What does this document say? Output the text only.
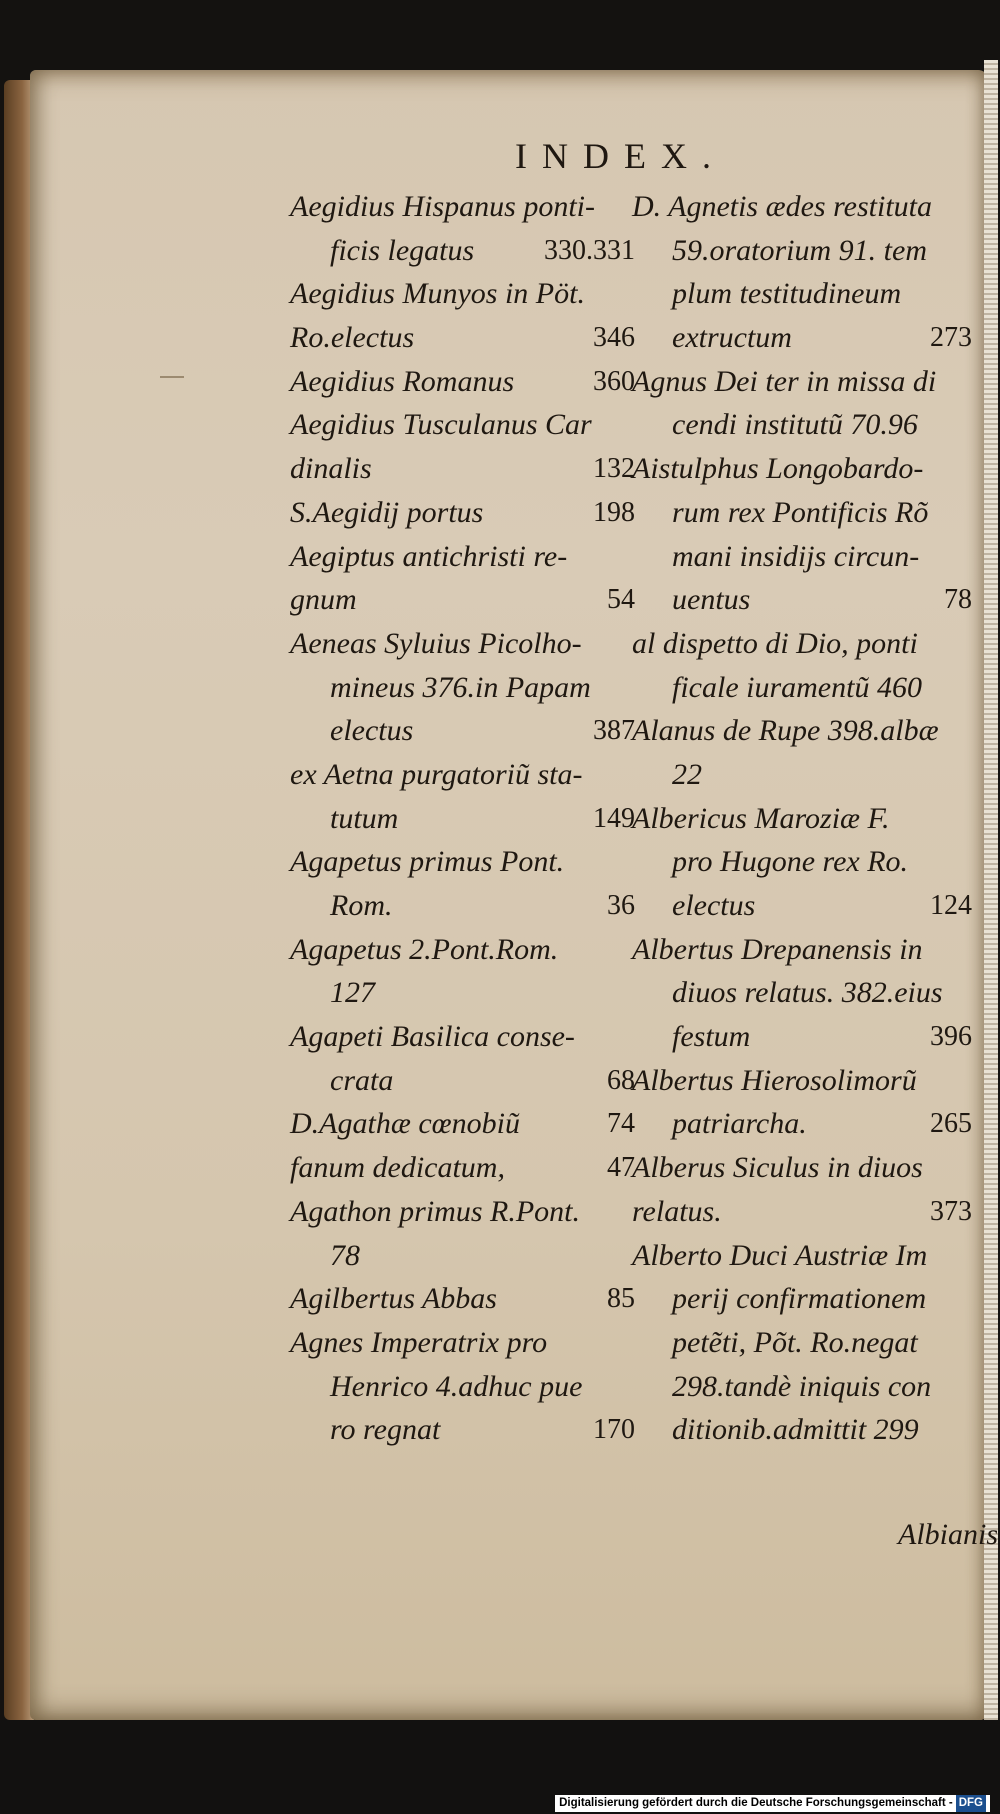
INDEX.
Aegidius Hispanus ponti-
ficis legatus 330.331
Aegidius Munyos in Pöt.
Ro.electus	346
Aegidius Romanus	360
Aegidius Tusculanus Car
dinalis	132
S.Aegidij portus	198
Aegiptus antichristi re-
gnum	54
Aeneas Syluius Picolho-
mineus 376.in Papam
electus	387
ex Aetna purgatoriũ sta-
tutum	149
Agapetus primus Pont.
Rom.	36
Agapetus 2.Pont.Rom.
127
Agapeti Basilica conse-
crata	68
D.Agathæ cœnobiũ	74
fanum dedicatum,	47
Agathon primus R.Pont.
78
Agilbertus Abbas	85
Agnes Imperatrix pro
Henrico 4.adhuc pue
ro regnat	170
D. Agnetis ædes restituta
59.oratorium 91. tem
plum testitudineum
extructum	273
Agnus Dei ter in missa di
cendi institutũ 70.96
Aistulphus Longobardo-
rum rex Pontificis Rõ
mani insidijs circun-
uentus	78
al dispetto di Dio, ponti
ficale iuramentũ 460
Alanus de Rupe 398.albæ
22
Albericus Maroziæ F.
pro Hugone rex Ro.
electus	124
Albertus Drepanensis in
diuos relatus. 382.eius
festum	396
Albertus Hierosolimorũ
patriarcha.	265
Alberus Siculus in diuos
relatus.	373
Alberto Duci Austriæ Im
perij confirmationem
petẽti, Põt. Ro.negat
298.tandè iniquis con
ditionib.admittit 299
Albianis
Digitalisierung gefördert durch die Deutsche Forschungsgemeinschaft - DFG
